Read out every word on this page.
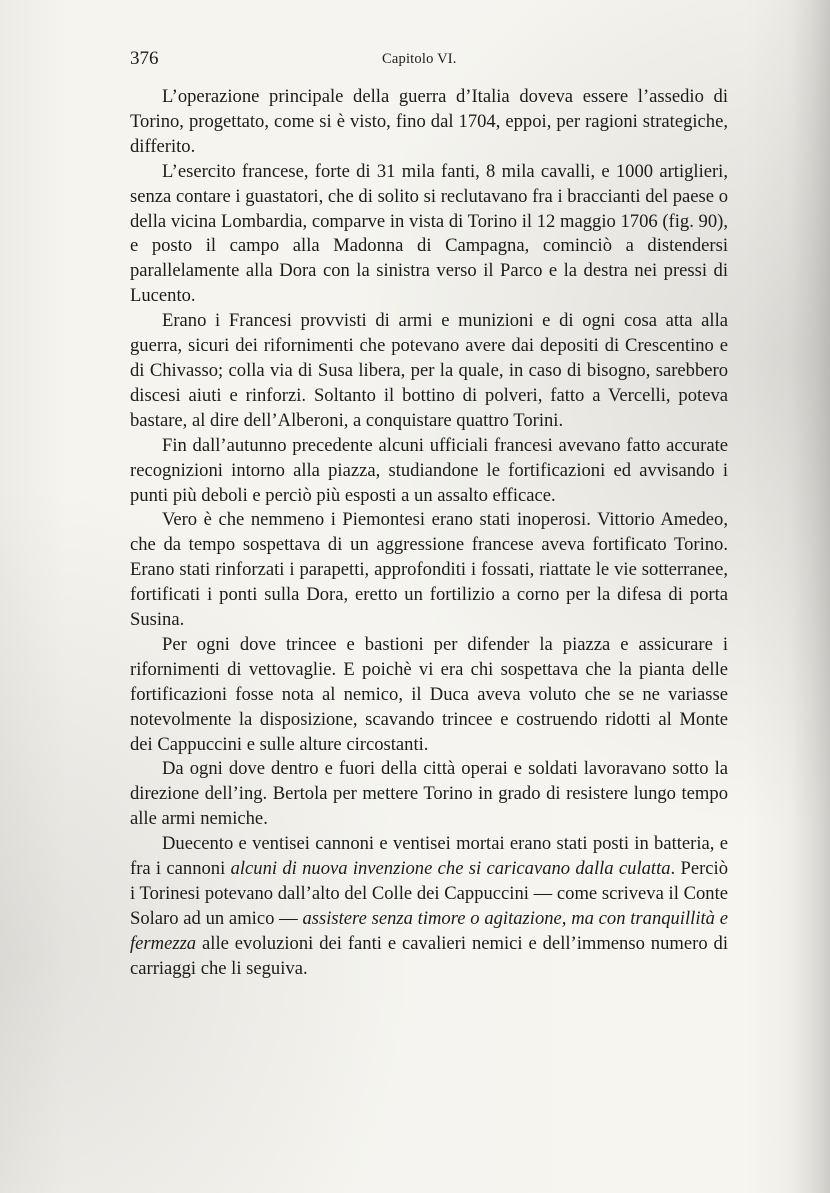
376	Capitolo VI.

L’operazione principale della guerra d’Italia doveva essere l’assedio di Torino, progettato, come si è visto, fino dal 1704, eppoi, per ragioni strategiche, differito.

L’esercito francese, forte di 31 mila fanti, 8 mila cavalli, e 1000 artiglieri, senza contare i guastatori, che di solito si reclutavano fra i braccianti del paese o della vicina Lombardia, comparve in vista di Torino il 12 maggio 1706 (fig. 90), e posto il campo alla Madonna di Campagna, cominciò a distendersi parallelamente alla Dora con la sinistra verso il Parco e la destra nei pressi di Lucento.

Erano i Francesi provvisti di armi e munizioni e di ogni cosa atta alla guerra, sicuri dei rifornimenti che potevano avere dai depositi di Crescentino e di Chivasso; colla via di Susa libera, per la quale, in caso di bisogno, sarebbero discesi aiuti e rinforzi. Soltanto il bottino di polveri, fatto a Vercelli, poteva bastare, al dire dell’Alberoni, a conquistare quattro Torini.

Fin dall’autunno precedente alcuni ufficiali francesi avevano fatto accurate recognizioni intorno alla piazza, studiandone le fortificazioni ed avvisando i punti più deboli e perciò più esposti a un assalto efficace.

Vero è che nemmeno i Piemontesi erano stati inoperosi. Vittorio Amedeo, che da tempo sospettava di un aggressione francese aveva fortificato Torino. Erano stati rinforzati i parapetti, approfonditi i fossati, riattate le vie sotterranee, fortificati i ponti sulla Dora, eretto un fortilizio a corno per la difesa di porta Susina.

Per ogni dove trincee e bastioni per difender la piazza e assicurare i rifornimenti di vettovaglie. E poichè vi era chi sospettava che la pianta delle fortificazioni fosse nota al nemico, il Duca aveva voluto che se ne variasse notevolmente la disposizione, scavando trincee e costruendo ridotti al Monte dei Cappuccini e sulle alture circostanti.

Da ogni dove dentro e fuori della città operai e soldati lavoravano sotto la direzione dell’ing. Bertola per mettere Torino in grado di resistere lungo tempo alle armi nemiche.

Duecento e ventisei cannoni e ventisei mortai erano stati posti in batteria, e fra i cannoni alcuni di nuova invenzione che si caricavano dalla culatta. Perciò i Torinesi potevano dall’alto del Colle dei Cappuccini — come scriveva il Conte Solaro ad un amico — assistere senza timore o agitazione, ma con tranquillità e fermezza alle evoluzioni dei fanti e cavalieri nemici e dell’immenso numero di carriaggi che li seguiva.
